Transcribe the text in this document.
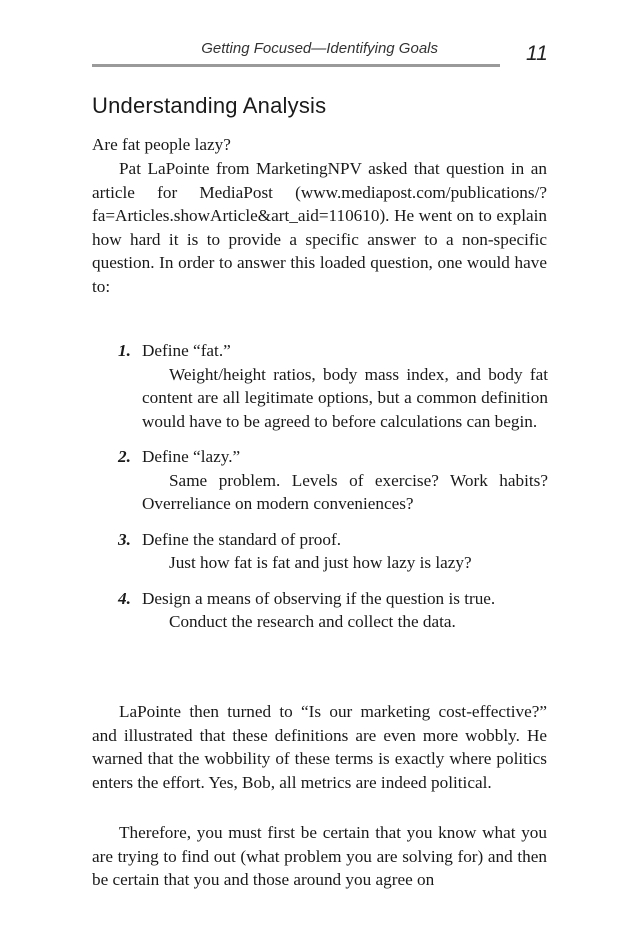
Getting Focused—Identifying Goals	11
Understanding Analysis

Are fat people lazy?

Pat LaPointe from MarketingNPV asked that question in an article for MediaPost (www.mediapost.com/publications/?fa=Articles.showArticle&art_aid=110610). He went on to explain how hard it is to provide a specific answer to a non-specific question. In order to answer this loaded question, one would have to:

1. Define “fat.”
Weight/height ratios, body mass index, and body fat content are all legitimate options, but a common definition would have to be agreed to before calculations can begin.
2. Define “lazy.”
Same problem. Levels of exercise? Work habits? Overreliance on modern conveniences?
3. Define the standard of proof.
Just how fat is fat and just how lazy is lazy?
4. Design a means of observing if the question is true.
Conduct the research and collect the data.

LaPointe then turned to “Is our marketing cost-effective?” and illustrated that these definitions are even more wobbly. He warned that the wobbility of these terms is exactly where politics enters the effort. Yes, Bob, all metrics are indeed political.

Therefore, you must first be certain that you know what you are trying to find out (what problem you are solving for) and then be certain that you and those around you agree on
